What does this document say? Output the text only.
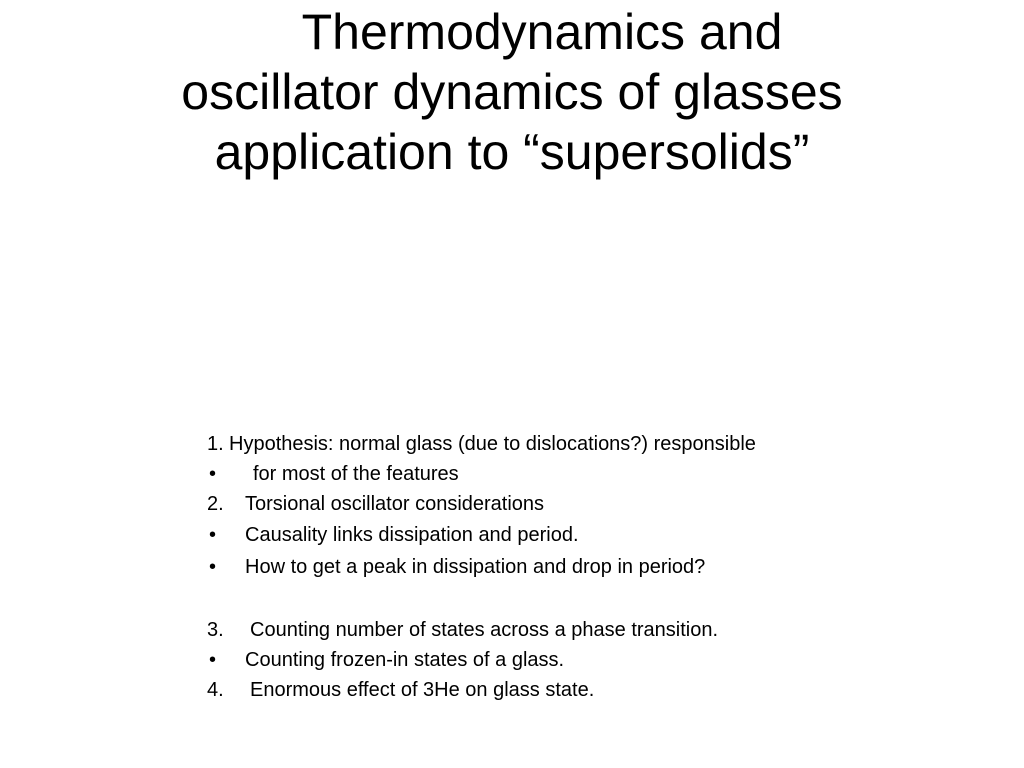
Thermodynamics and
oscillator dynamics of glasses
application to “supersolids”
1. Hypothesis: normal glass (due to dislocations?) responsible
• for most of the features
2. Torsional oscillator considerations
• Causality links dissipation and period.
• How to get a peak in dissipation and drop in period?
3. Counting number of states across a phase transition.
• Counting frozen-in states of a glass.
4. Enormous effect of 3He on glass state.
